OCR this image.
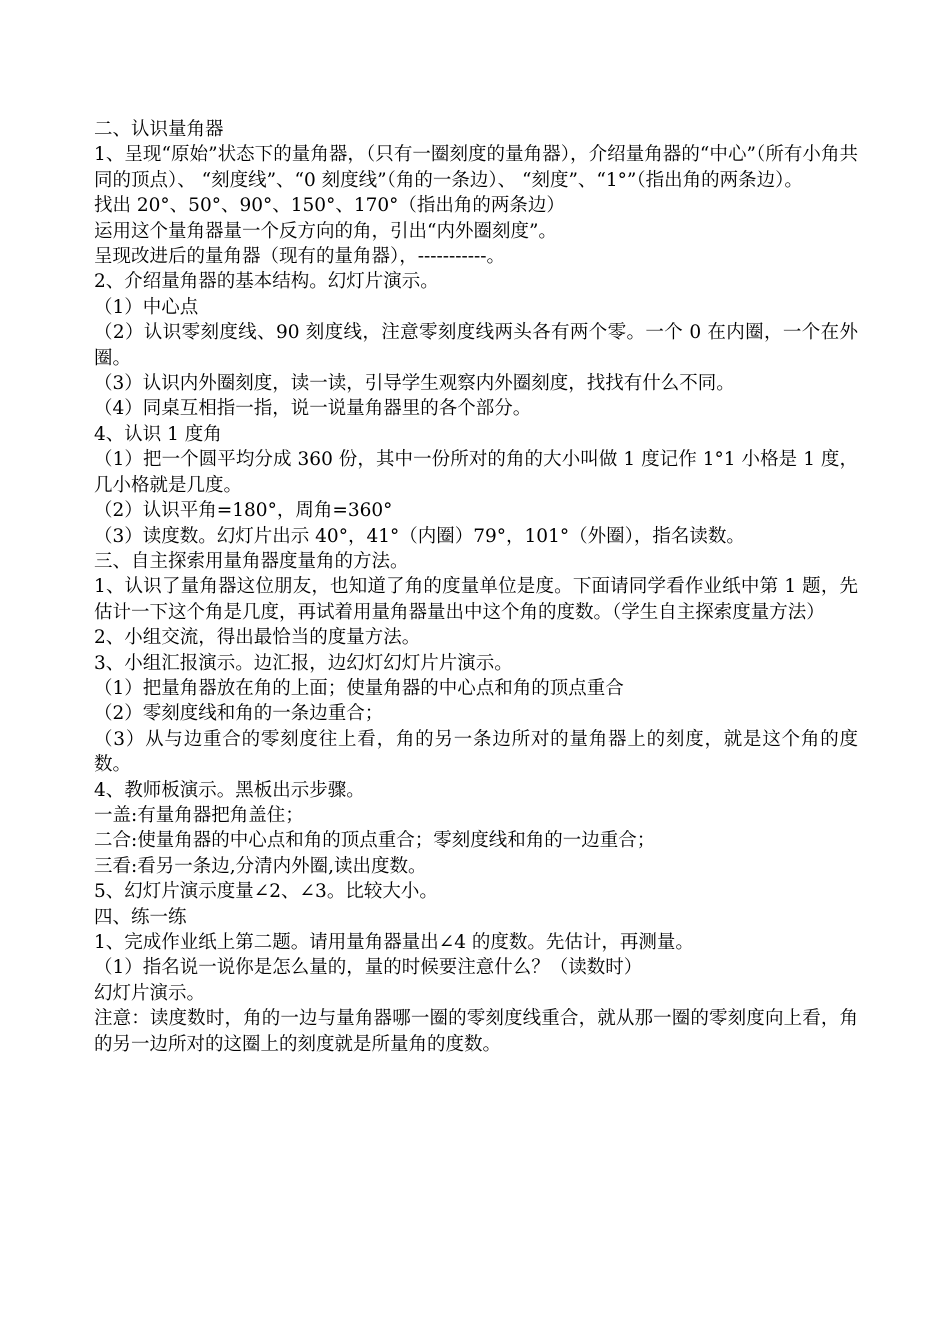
二、认识量角器

1、呈现“原始”状态下的量角器，（只有一圈刻度的量角器），介绍量角器的“中心”（所有小角共同的顶点）、 “刻度线”、“0 刻度线”（角的一条边）、 “刻度”、“1°”（指出角的两条边）。

找出 20°、50°、90°、150°、170°（指出角的两条边）

运用这个量角器量一个反方向的角，引出“内外圈刻度”。

呈现改进后的量角器（现有的量角器），-----------。

2、介绍量角器的基本结构。幻灯片演示。

（1）中心点

（2）认识零刻度线、90 刻度线，注意零刻度线两头各有两个零。一个 0 在内圈，一个在外圈。

（3）认识内外圈刻度，读一读，引导学生观察内外圈刻度，找找有什么不同。

（4）同桌互相指一指，说一说量角器里的各个部分。

4、认识 1 度角

（1）把一个圆平均分成 360 份，其中一份所对的角的大小叫做 1 度记作 1°1 小格是 1 度，几小格就是几度。

（2）认识平角=180°，周角=360°

（3）读度数。幻灯片出示 40°，41°（内圈）79°，101°（外圈），指名读数。

三、自主探索用量角器度量角的方法。

1、认识了量角器这位朋友，也知道了角的度量单位是度。下面请同学看作业纸中第 1 题，先估计一下这个角是几度，再试着用量角器量出中这个角的度数。（学生自主探索度量方法）

2、小组交流，得出最恰当的度量方法。

3、小组汇报演示。边汇报，边幻灯幻灯片片演示。

（1）把量角器放在角的上面；使量角器的中心点和角的顶点重合

（2）零刻度线和角的一条边重合；

（3）从与边重合的零刻度往上看，角的另一条边所对的量角器上的刻度，就是这个角的度数。

4、教师板演示。黑板出示步骤。

一盖:有量角器把角盖住；

二合:使量角器的中心点和角的顶点重合；零刻度线和角的一边重合；

三看:看另一条边,分清内外圈,读出度数。

5、幻灯片演示度量∠2、∠3。比较大小。

四、练一练

1、完成作业纸上第二题。请用量角器量出∠4 的度数。先估计，再测量。

（1）指名说一说你是怎么量的，量的时候要注意什么？（读数时）

幻灯片演示。

注意：读度数时，角的一边与量角器哪一圈的零刻度线重合，就从那一圈的零刻度向上看，角的另一边所对的这圈上的刻度就是所量角的度数。
